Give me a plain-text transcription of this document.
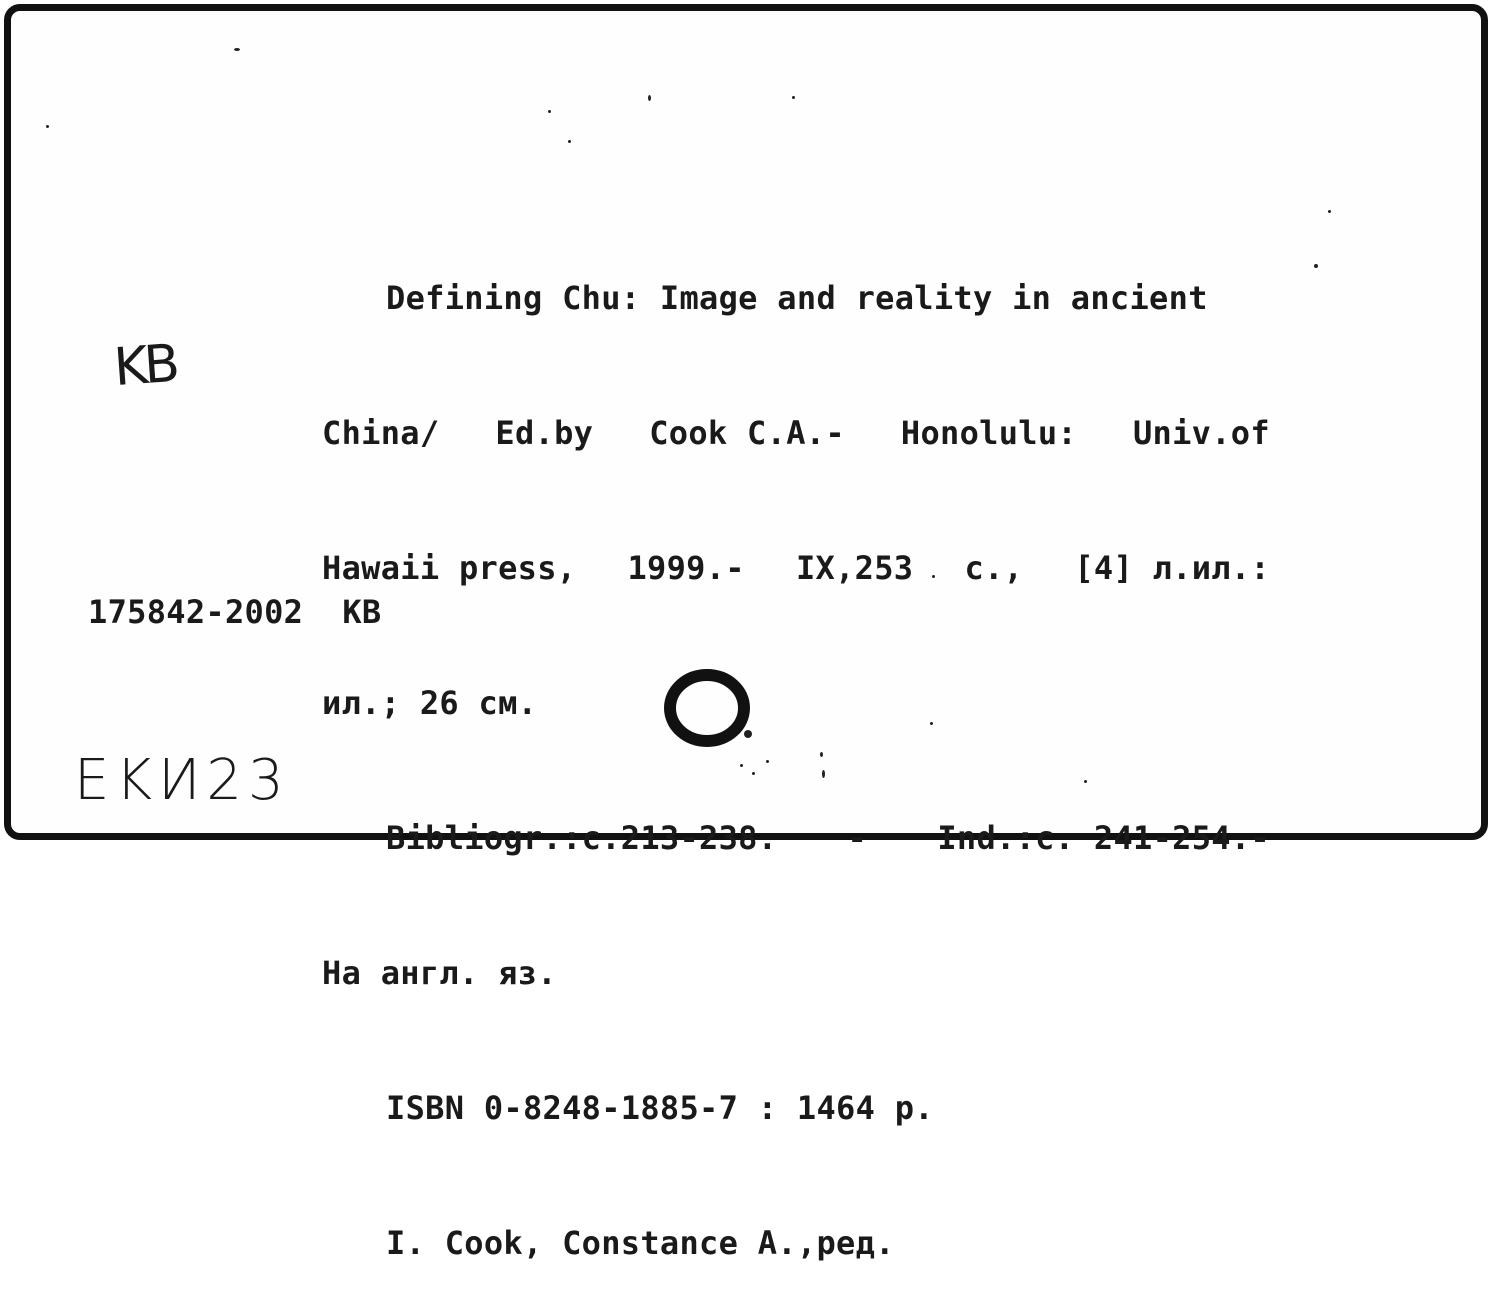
Defining Chu: Image and reality in ancient

China/ Ed.by Cook C.A.- Honolulu: Univ.of

Hawaii press, 1999.- IX,253 c., [4] л.ил.:

ил.; 26 см.

Bibliogr.:c.213-238. - Ind.:c. 241-254.-

На англ. яз.

ISBN 0-8248-1885-7 : 1464 р.

I. Cook, Constance A.,ред.

175842-2002  KB
KB
EKИ23
